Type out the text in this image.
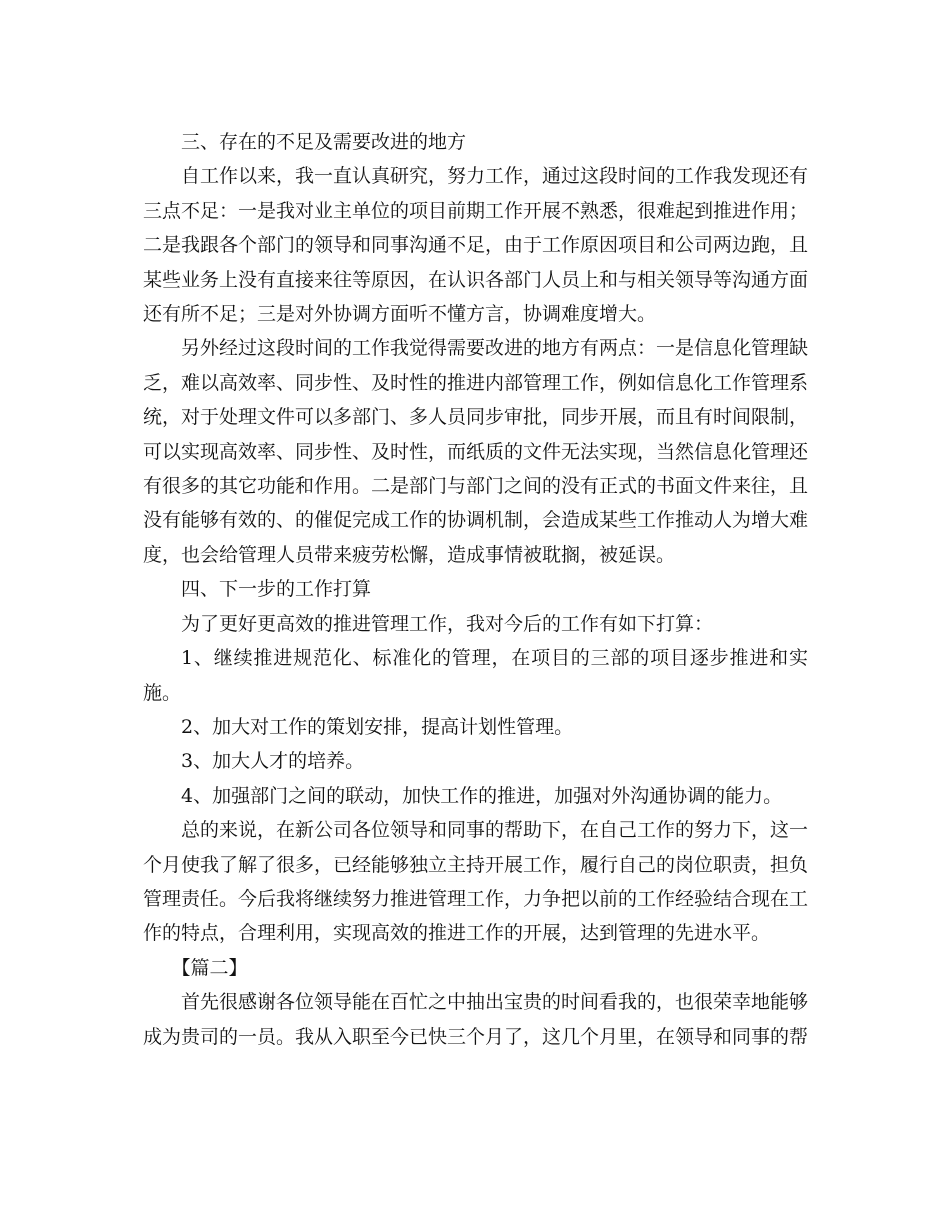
三、存在的不足及需要改进的地方

自工作以来，我一直认真研究，努力工作，通过这段时间的工作我发现还有三点不足：一是我对业主单位的项目前期工作开展不熟悉，很难起到推进作用；二是我跟各个部门的领导和同事沟通不足，由于工作原因项目和公司两边跑，且某些业务上没有直接来往等原因，在认识各部门人员上和与相关领导等沟通方面还有所不足；三是对外协调方面听不懂方言，协调难度增大。

另外经过这段时间的工作我觉得需要改进的地方有两点：一是信息化管理缺乏，难以高效率、同步性、及时性的推进内部管理工作，例如信息化工作管理系统，对于处理文件可以多部门、多人员同步审批，同步开展，而且有时间限制，可以实现高效率、同步性、及时性，而纸质的文件无法实现，当然信息化管理还有很多的其它功能和作用。二是部门与部门之间的没有正式的书面文件来往，且没有能够有效的、的催促完成工作的协调机制，会造成某些工作推动人为增大难度，也会给管理人员带来疲劳松懈，造成事情被耽搁，被延误。

四、下一步的工作打算

为了更好更高效的推进管理工作，我对今后的工作有如下打算：

1、继续推进规范化、标准化的管理，在项目的三部的项目逐步推进和实施。

2、加大对工作的策划安排，提高计划性管理。

3、加大人才的培养。

4、加强部门之间的联动，加快工作的推进，加强对外沟通协调的能力。

总的来说，在新公司各位领导和同事的帮助下，在自己工作的努力下，这一个月使我了解了很多，已经能够独立主持开展工作，履行自己的岗位职责，担负管理责任。今后我将继续努力推进管理工作，力争把以前的工作经验结合现在工作的特点，合理利用，实现高效的推进工作的开展，达到管理的先进水平。

【篇二】

首先很感谢各位领导能在百忙之中抽出宝贵的时间看我的，也很荣幸地能够成为贵司的一员。我从入职至今已快三个月了，这几个月里，在领导和同事的帮
